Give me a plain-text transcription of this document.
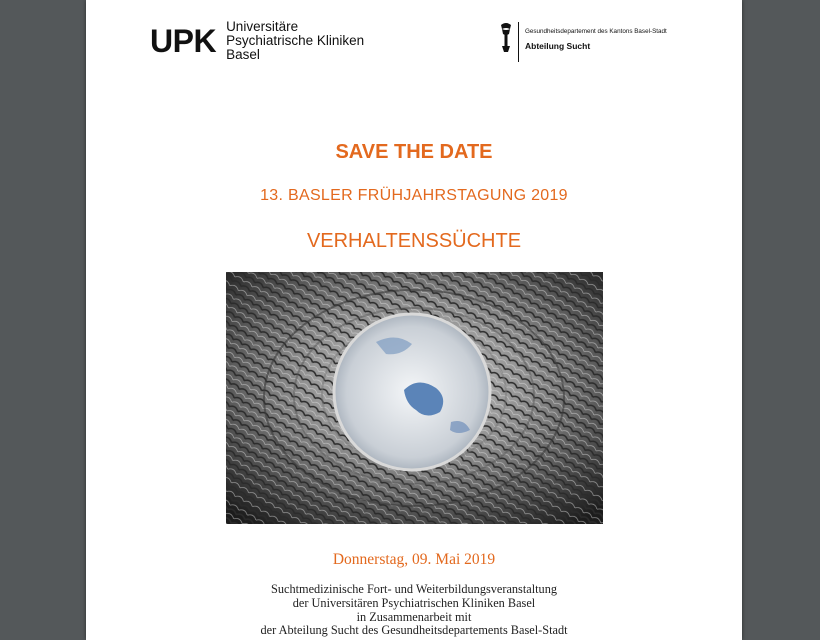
UPK Universitäre
Psychiatrische Kliniken
Basel
Gesundheitsdepartement des Kantons Basel-Stadt
Abteilung Sucht
SAVE THE DATE
13. BASLER FRÜHJAHRSTAGUNG 2019
VERHALTENSSÜCHTE
Donnerstag, 09. Mai 2019
Suchtmedizinische Fort- und Weiterbildungsveranstaltung
der Universitären Psychiatrischen Kliniken Basel
in Zusammenarbeit mit
der Abteilung Sucht des Gesundheitsdepartements Basel-Stadt
